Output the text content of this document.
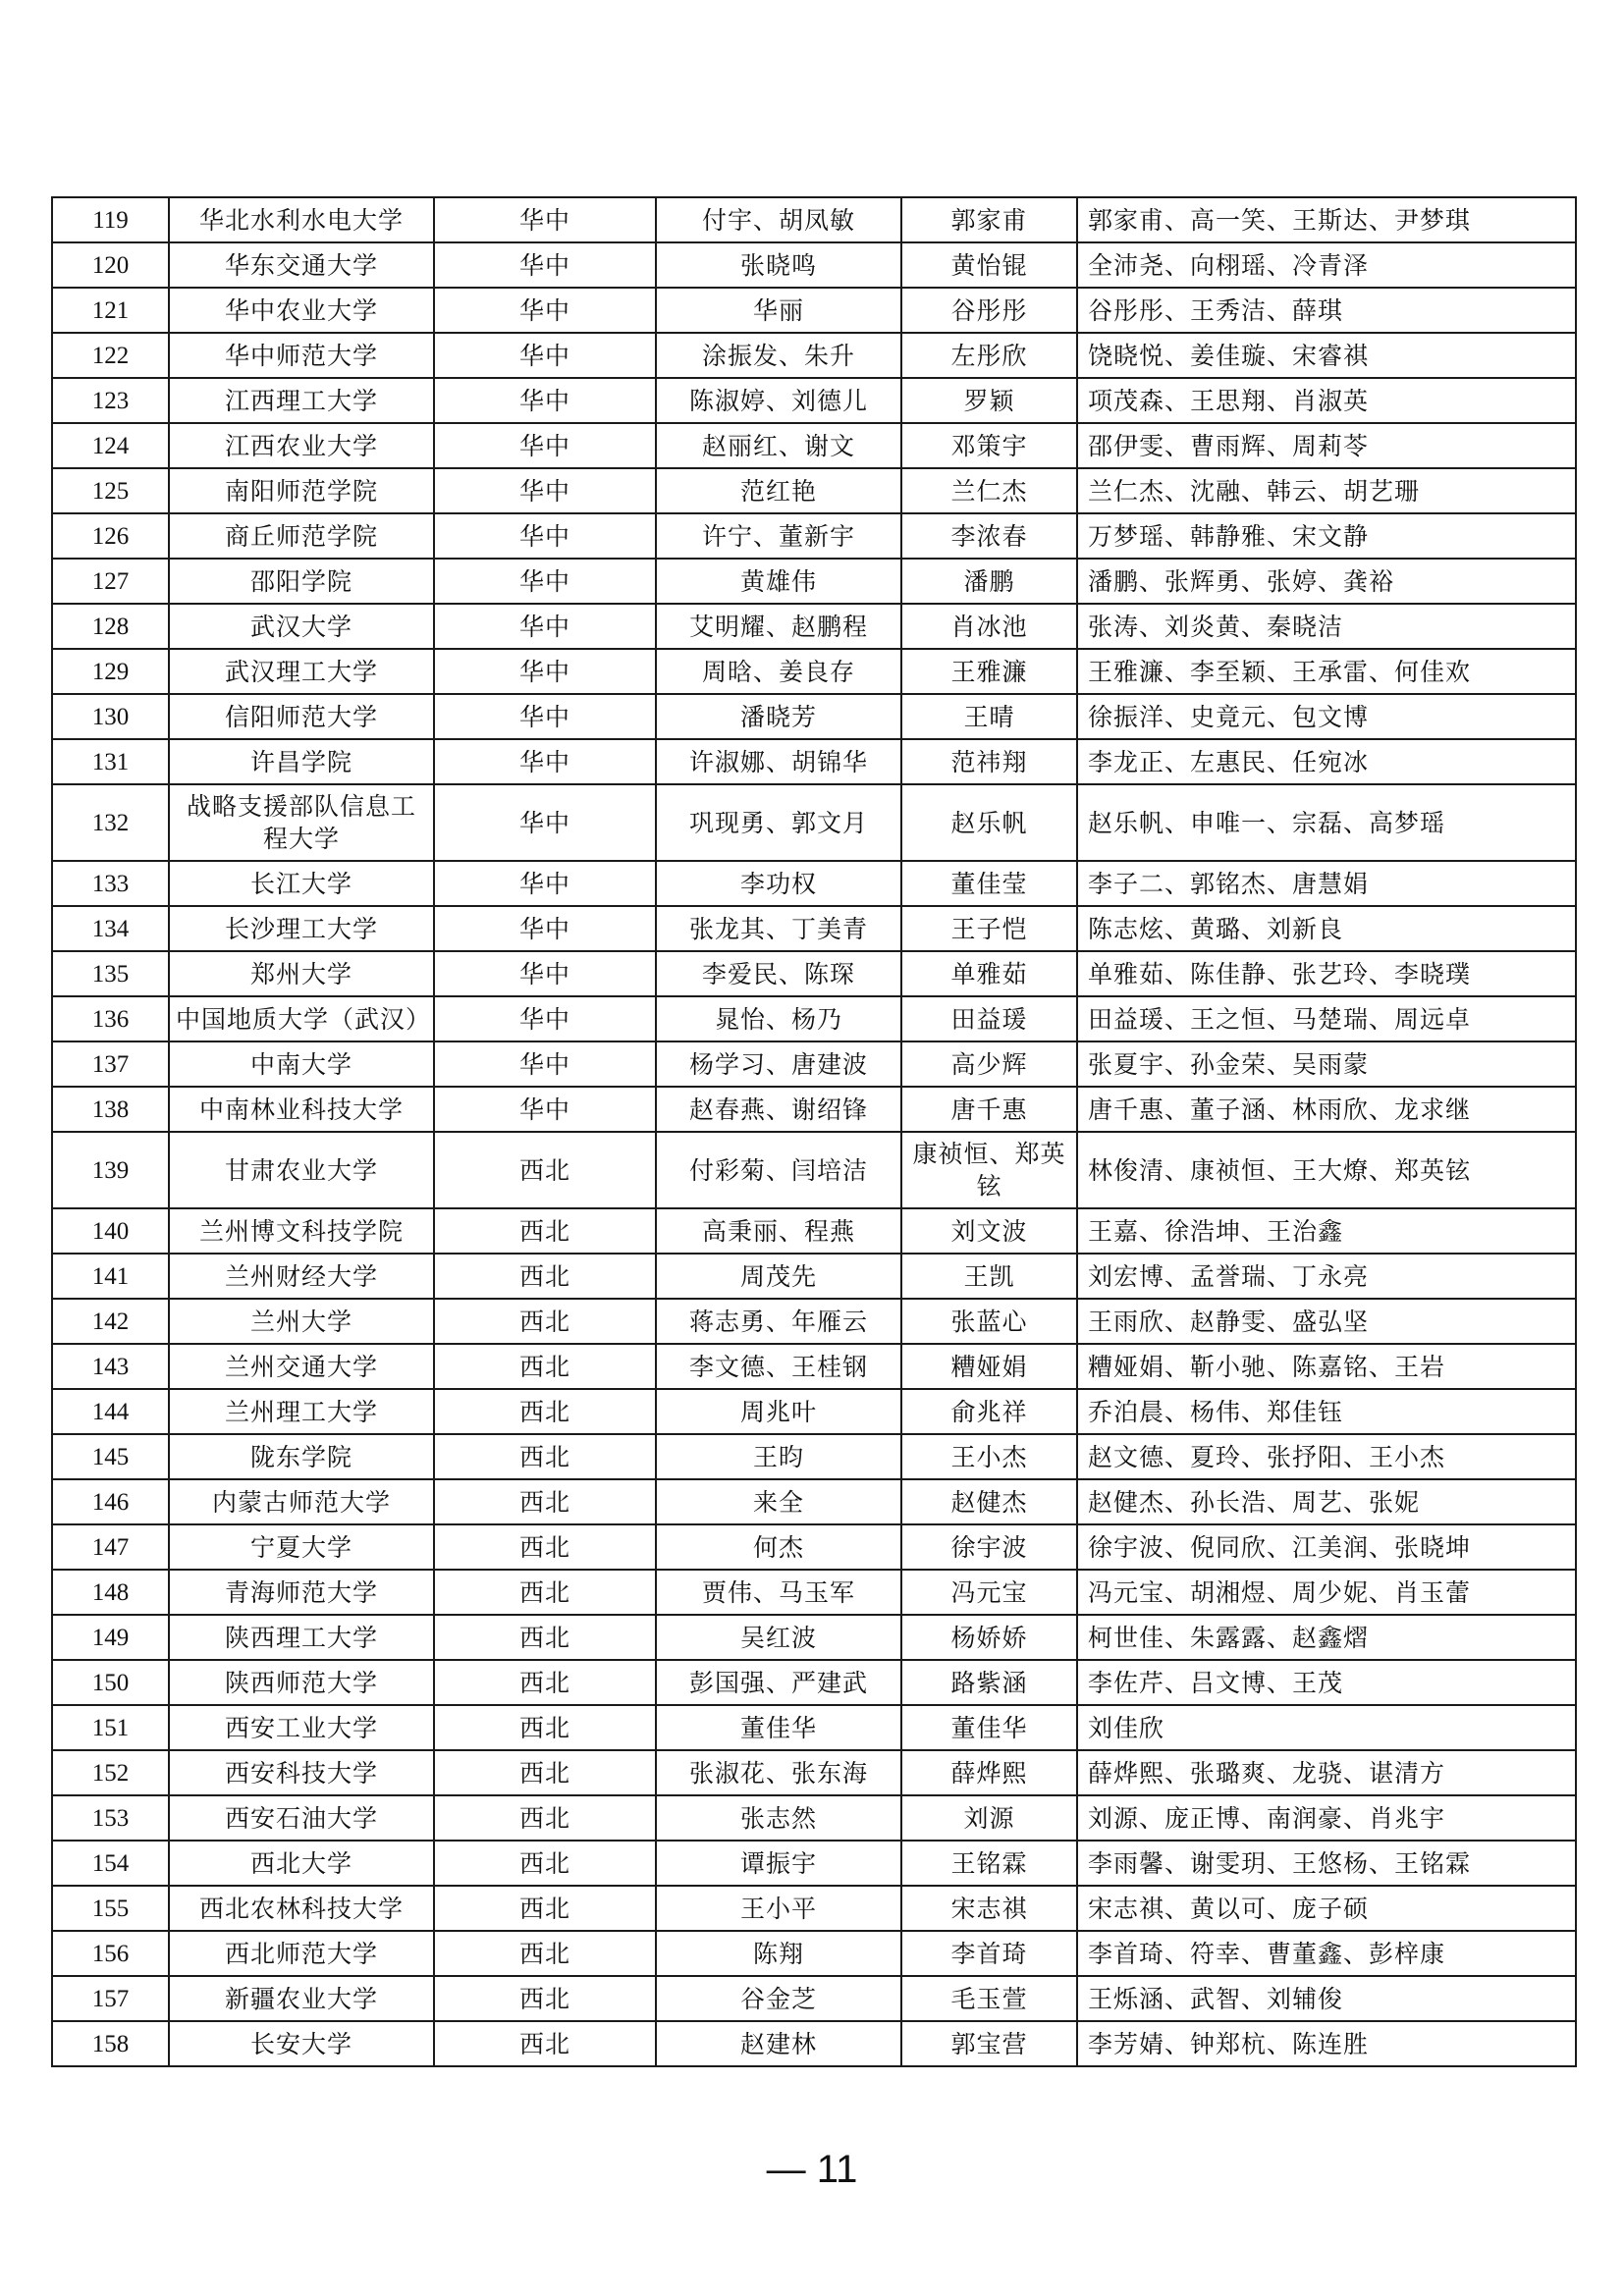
119	华北水利水电大学	华中	付宇、胡凤敏	郭家甫	郭家甫、高一笑、王斯达、尹梦琪
120	华东交通大学	华中	张晓鸣	黄怡锟	全沛尧、向栩瑶、冷青泽
121	华中农业大学	华中	华丽	谷彤彤	谷彤彤、王秀洁、薛琪
122	华中师范大学	华中	涂振发、朱升	左彤欣	饶晓悦、姜佳璇、宋睿祺
123	江西理工大学	华中	陈淑婷、刘德儿	罗颖	项茂森、王思翔、肖淑英
124	江西农业大学	华中	赵丽红、谢文	邓策宇	邵伊雯、曹雨辉、周莉苓
125	南阳师范学院	华中	范红艳	兰仁杰	兰仁杰、沈融、韩云、胡艺珊
126	商丘师范学院	华中	许宁、董新宇	李浓春	万梦瑶、韩静雅、宋文静
127	邵阳学院	华中	黄雄伟	潘鹏	潘鹏、张辉勇、张婷、龚裕
128	武汉大学	华中	艾明耀、赵鹏程	肖冰池	张涛、刘炎黄、秦晓洁
129	武汉理工大学	华中	周晗、姜良存	王雅濂	王雅濂、李至颖、王承雷、何佳欢
130	信阳师范大学	华中	潘晓芳	王晴	徐振洋、史竟元、包文博
131	许昌学院	华中	许淑娜、胡锦华	范祎翔	李龙正、左惠民、任宛冰
132	战略支援部队信息工程大学	华中	巩现勇、郭文月	赵乐帆	赵乐帆、申唯一、宗磊、高梦瑶
133	长江大学	华中	李功权	董佳莹	李子二、郭铭杰、唐慧娟
134	长沙理工大学	华中	张龙其、丁美青	王子恺	陈志炫、黄璐、刘新良
135	郑州大学	华中	李爱民、陈琛	单雅茹	单雅茹、陈佳静、张艺玲、李晓璞
136	中国地质大学（武汉）	华中	晁怡、杨乃	田益瑗	田益瑗、王之恒、马楚瑞、周远卓
137	中南大学	华中	杨学习、唐建波	高少辉	张夏宇、孙金荣、吴雨蒙
138	中南林业科技大学	华中	赵春燕、谢绍锋	唐千惠	唐千惠、董子涵、林雨欣、龙求继
139	甘肃农业大学	西北	付彩菊、闫培洁	康祯恒、郑英铉	林俊清、康祯恒、王大燎、郑英铉
140	兰州博文科技学院	西北	高秉丽、程燕	刘文波	王嘉、徐浩坤、王治鑫
141	兰州财经大学	西北	周茂先	王凯	刘宏博、孟誉瑞、丁永亮
142	兰州大学	西北	蒋志勇、年雁云	张蓝心	王雨欣、赵静雯、盛弘坚
143	兰州交通大学	西北	李文德、王桂钢	糟娅娟	糟娅娟、靳小驰、陈嘉铭、王岩
144	兰州理工大学	西北	周兆叶	俞兆祥	乔泊晨、杨伟、郑佳钰
145	陇东学院	西北	王昀	王小杰	赵文德、夏玲、张抒阳、王小杰
146	内蒙古师范大学	西北	来全	赵健杰	赵健杰、孙长浩、周艺、张妮
147	宁夏大学	西北	何杰	徐宇波	徐宇波、倪同欣、江美润、张晓坤
148	青海师范大学	西北	贾伟、马玉军	冯元宝	冯元宝、胡湘煜、周少妮、肖玉蕾
149	陕西理工大学	西北	吴红波	杨娇娇	柯世佳、朱露露、赵鑫熠
150	陕西师范大学	西北	彭国强、严建武	路紫涵	李佐芹、吕文博、王茂
151	西安工业大学	西北	董佳华	董佳华	刘佳欣
152	西安科技大学	西北	张淑花、张东海	薛烨熙	薛烨熙、张璐爽、龙骁、谌清方
153	西安石油大学	西北	张志然	刘源	刘源、庞正博、南润豪、肖兆宇
154	西北大学	西北	谭振宇	王铭霖	李雨馨、谢雯玥、王悠杨、王铭霖
155	西北农林科技大学	西北	王小平	宋志祺	宋志祺、黄以可、庞子硕
156	西北师范大学	西北	陈翔	李首琦	李首琦、符幸、曹董鑫、彭梓康
157	新疆农业大学	西北	谷金芝	毛玉萱	王烁涵、武智、刘辅俊
158	长安大学	西北	赵建林	郭宝营	李芳婧、钟郑杭、陈连胜
— 11
